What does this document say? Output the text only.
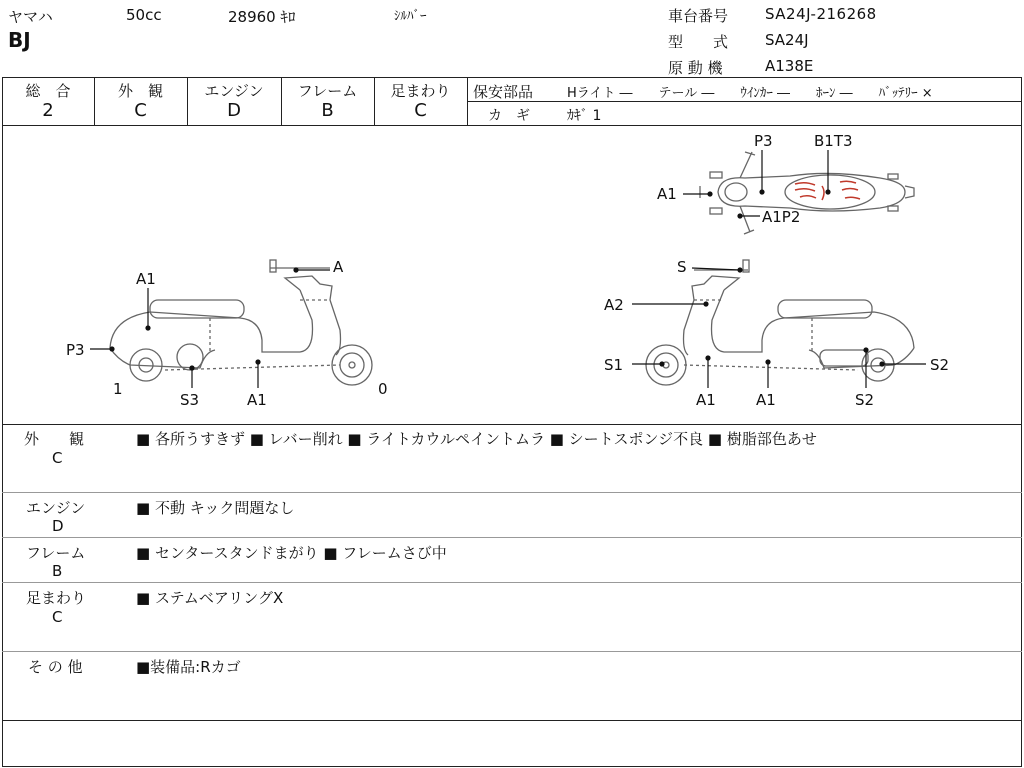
ヤマハ	50cc	28960 ｷﾛ	ｼﾙﾊﾞｰ
BJ
車台番号 SA24J-216268
型　　式 SA24J
原 動 機	A138E
総　合
2
外　観
C
エンジン
D
フレーム
B
足まわり
C
保安部品	Hライト ―　　テール ―　　ｳｲﾝｶｰ ―　　ﾎｰﾝ ―　　ﾊﾞｯﾃﾘｰ ×
カ　ギ	ｶｷﾞ 1
P3	B1T3
A1
A1P2
A1
A
P3
1
S3	A1
0
S
A2
S1
A1	A1
S2
S2
外　　観
C
■ 各所うすきず ■ レバー削れ ■ ライトカウルペイントムラ ■ シートスポンジ不良 ■ 樹脂部色あせ
エンジン
D
■ 不動 キック問題なし
フレーム
B
■ センタースタンドまがり ■ フレームさび中
足まわり
C
■ ステムベアリングX
そ の 他	■装備品:Rカゴ
